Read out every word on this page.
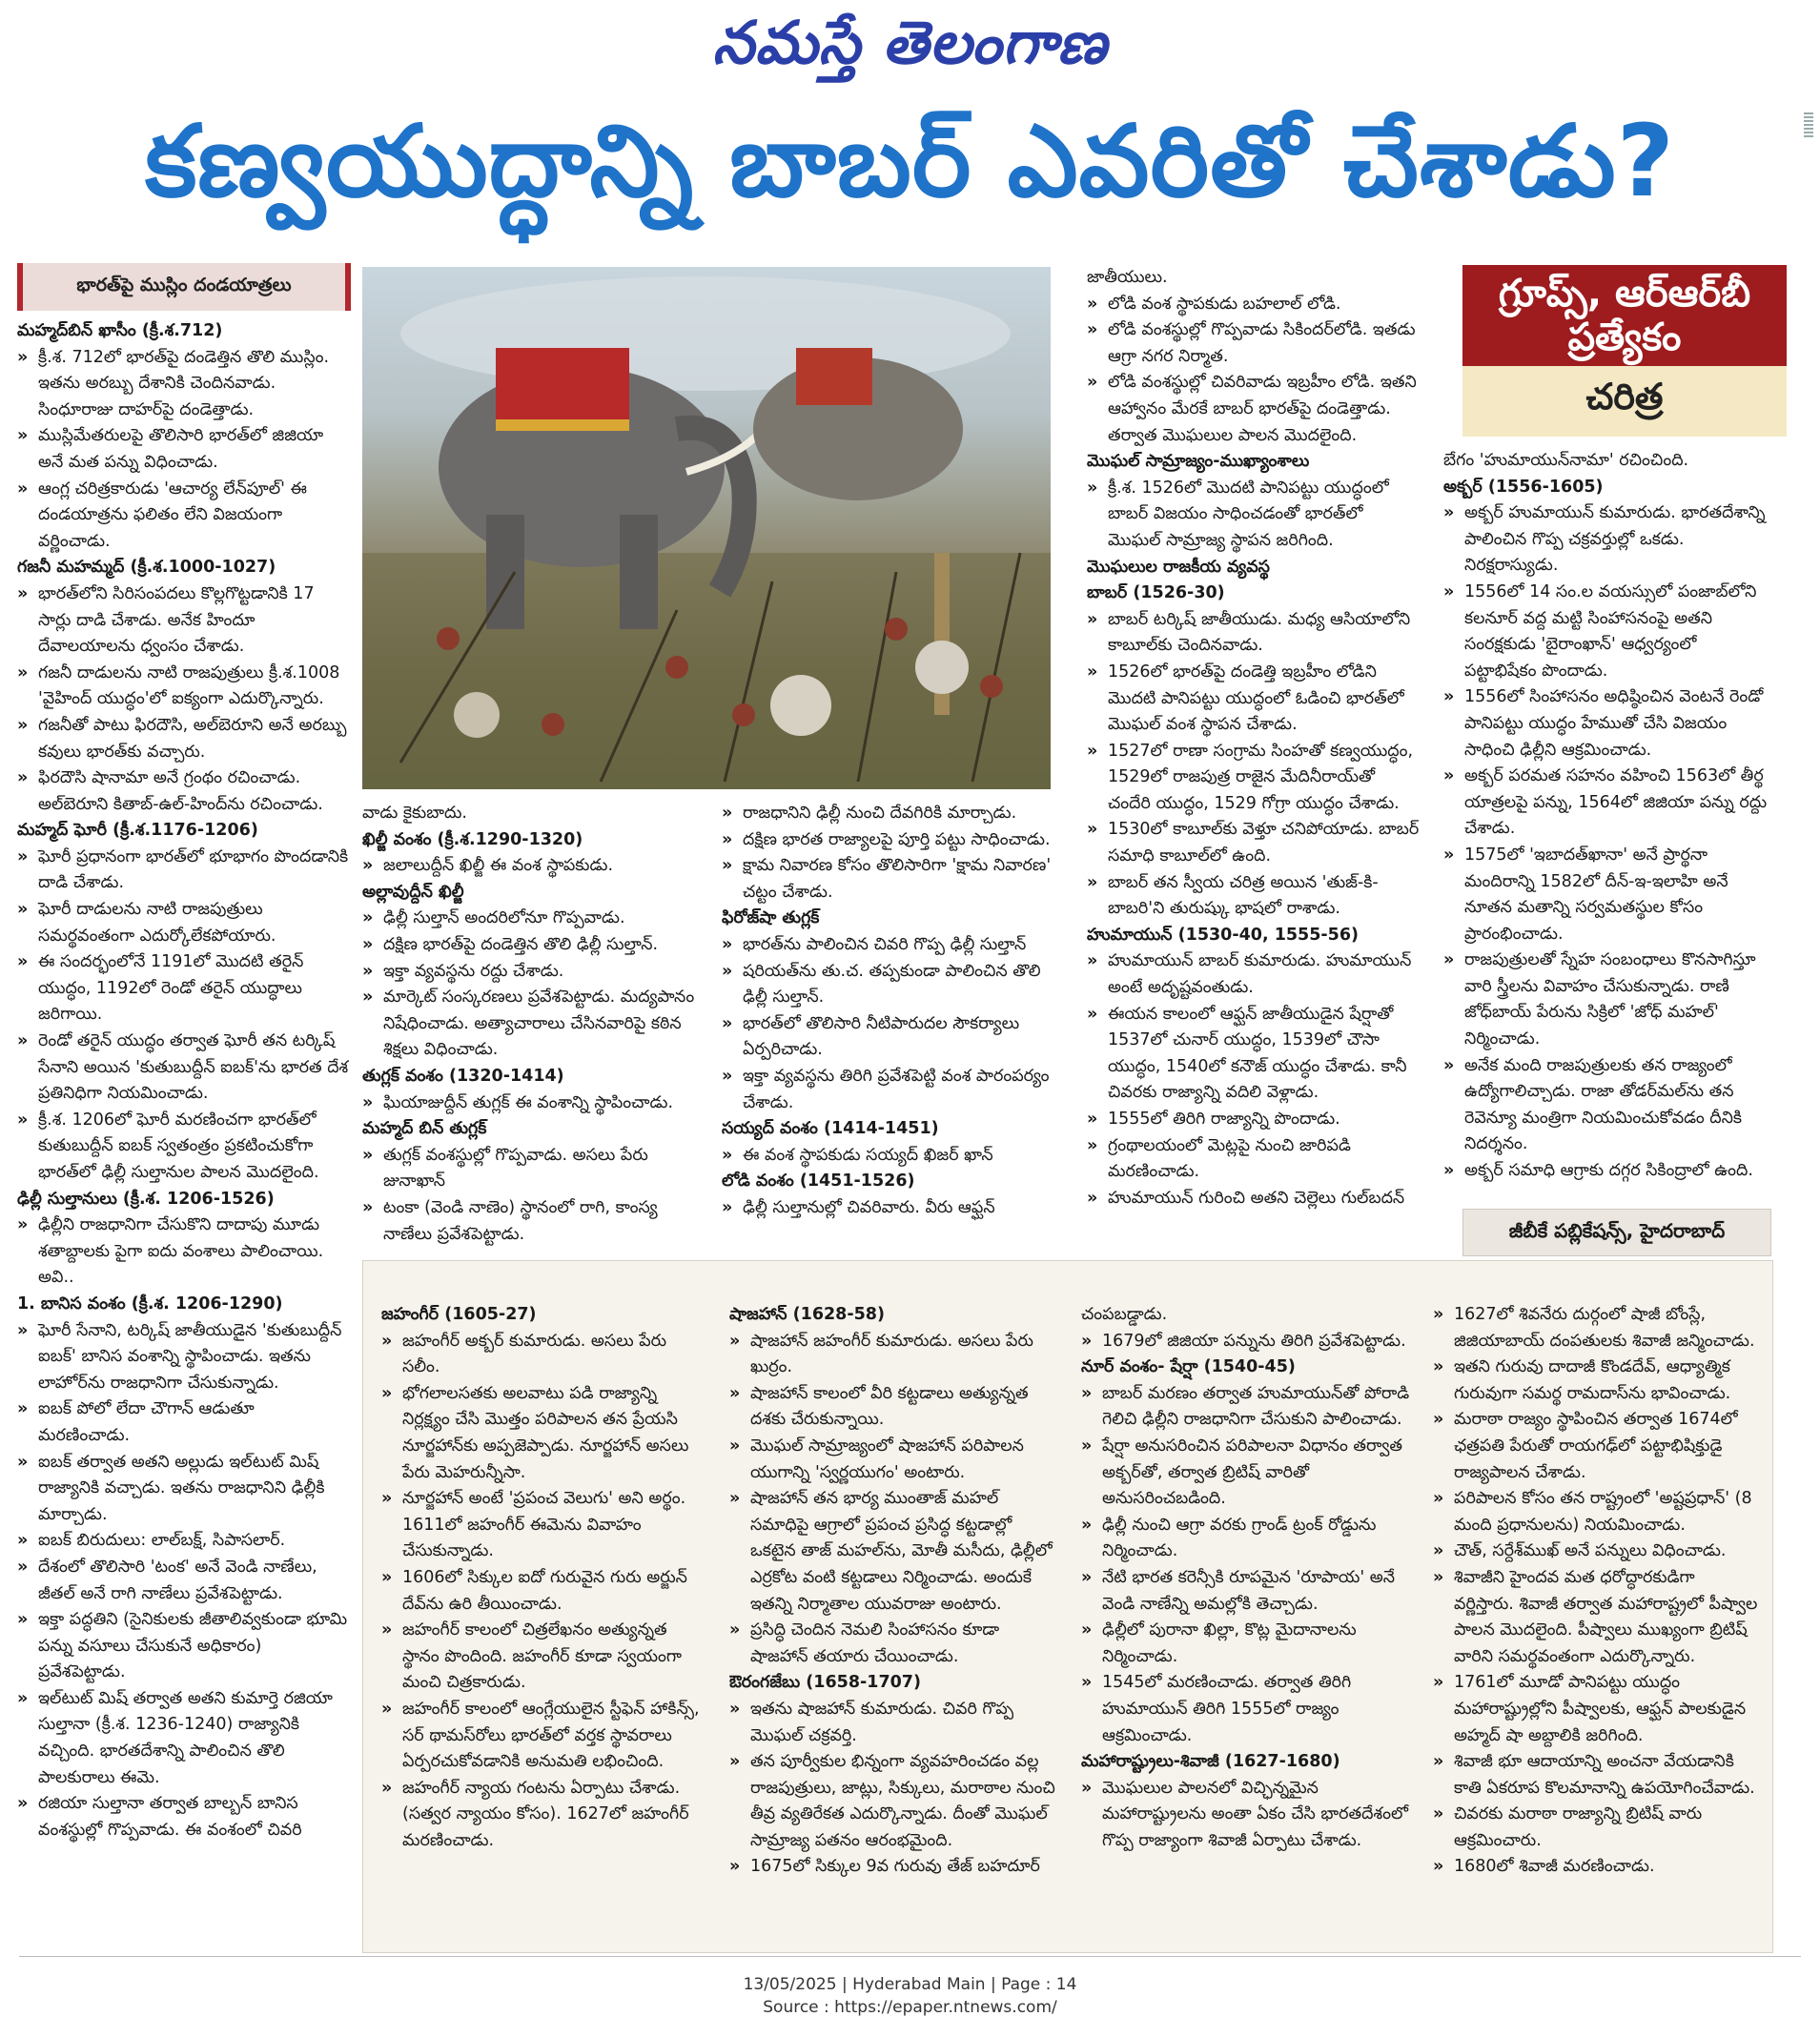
నమస్తే తెలంగాణ
కణ్వయుద్ధాన్ని బాబర్ ఎవరితో చేశాడు?
భారత్‌పై ముస్లిం దండయాత్రలు

మహ్మద్‌బిన్ ఖాసీం (క్రీ.శ.712)

» క్రీ.శ. 712లో భారత్‌పై దండెత్తిన తొలి ముస్లిం. ఇతను అరబ్బు దేశానికి చెందినవాడు. సింధూరాజు దాహర్‌పై దండెత్తాడు.

» ముస్లిమేతరులపై తొలిసారి భారత్‌లో జిజియా అనే మత పన్ను విధించాడు.

» ఆంగ్ల చరిత్రకారుడు 'ఆచార్య లేన్‌పూల్' ఈ దండయాత్రను ఫలితం లేని విజయంగా వర్ణించాడు.

గజనీ మహమ్మద్ (క్రీ.శ.1000-1027)

» భారత్‌లోని సిరిసంపదలు కొల్లగొట్టడానికి 17 సార్లు దాడి చేశాడు. అనేక హిందూ దేవాలయాలను ధ్వంసం చేశాడు.

» గజనీ దాడులను నాటి రాజపుత్రులు క్రీ.శ.1008 'వైహింద్ యుద్ధం'లో ఐక్యంగా ఎదుర్కొన్నారు.

» గజనీతో పాటు ఫిరదౌసి, అల్‌బెరూని అనే అరబ్బు కవులు భారత్‌కు వచ్చారు.

» ఫిరదౌసి షానామా అనే గ్రంథం రచించాడు. అల్‌బెరూని కితాబ్-ఉల్-హింద్‌ను రచించాడు.

మహ్మద్ ఘోరీ (క్రీ.శ.1176-1206)

» ఘోరీ ప్రధానంగా భారత్‌లో భూభాగం పొందడానికి దాడి చేశాడు.

» ఘోరీ దాడులను నాటి రాజపుత్రులు సమర్థవంతంగా ఎదుర్కోలేకపోయారు.

» ఈ సందర్భంలోనే 1191లో మొదటి తరైన్ యుద్ధం, 1192లో రెండో తరైన్ యుద్ధాలు జరిగాయి.

» రెండో తరైన్ యుద్ధం తర్వాత ఘోరీ తన టర్కిష్ సేనాని అయిన 'కుతుబుద్దీన్ ఐబక్'ను భారత దేశ ప్రతినిధిగా నియమించాడు.

» క్రీ.శ. 1206లో ఘోరీ మరణించగా భారత్‌లో కుతుబుద్దీన్ ఐబక్ స్వతంత్రం ప్రకటించుకోగా భారత్‌లో ఢిల్లీ సుల్తానుల పాలన మొదలైంది.

ఢిల్లీ సుల్తానులు (క్రీ.శ. 1206-1526)

» ఢిల్లీని రాజధానిగా చేసుకొని దాదాపు మూడు శతాబ్దాలకు పైగా ఐదు వంశాలు పాలించాయి. అవి..

1. బానిస వంశం (క్రీ.శ. 1206-1290)

» ఘోరీ సేనాని, టర్కిష్ జాతీయుడైన 'కుతుబుద్దీన్ ఐబక్' బానిస వంశాన్ని స్థాపించాడు. ఇతను లాహోర్‌ను రాజధానిగా చేసుకున్నాడు.

» ఐబక్ పోలో లేదా చౌగాన్ ఆడుతూ మరణించాడు.

» ఐబక్ తర్వాత అతని అల్లుడు ఇల్‌టుట్ మిష్ రాజ్యానికి వచ్చాడు. ఇతను రాజధానిని ఢిల్లీకి మార్చాడు.

» ఐబక్ బిరుదులు: లాల్‌బక్ష్, సిపాసలార్.

» దేశంలో తొలిసారి 'టంక' అనే వెండి నాణేలు, జీతల్ అనే రాగి నాణేలు ప్రవేశపెట్టాడు.

» ఇక్తా పద్ధతిని (సైనికులకు జీతాలివ్వకుండా భూమి పన్ను వసూలు చేసుకునే అధికారం) ప్రవేశపెట్టాడు.

» ఇల్‌టుట్ మిష్ తర్వాత అతని కుమార్తె రజియా సుల్తానా (క్రీ.శ. 1236-1240) రాజ్యానికి వచ్చింది. భారతదేశాన్ని పాలించిన తొలి పాలకురాలు ఈమె.

» రజియా సుల్తానా తర్వాత బాల్బన్ బానిస వంశస్థుల్లో గొప్పవాడు. ఈ వంశంలో చివరి

వాడు కైకుబాదు.

ఖిల్జీ వంశం (క్రీ.శ.1290-1320)

» జలాలుద్దీన్ ఖిల్జీ ఈ వంశ స్థాపకుడు.

అల్లావుద్దీన్ ఖిల్జీ

» ఢిల్లీ సుల్తాన్‌ అందరిలోనూ గొప్పవాడు.

» దక్షిణ భారత్‌పై దండెత్తిన తొలి ఢిల్లీ సుల్తాన్.

» ఇక్తా వ్యవస్థను రద్దు చేశాడు.

» మార్కెట్ సంస్కరణలు ప్రవేశపెట్టాడు. మద్యపానం నిషేధించాడు. అత్యాచారాలు చేసినవారిపై కఠిన శిక్షలు విధించాడు.

తుగ్లక్ వంశం (1320-1414)

» ఘియాజుద్దీన్ తుగ్లక్ ఈ వంశాన్ని స్థాపించాడు.

మహ్మద్ బిన్ తుగ్లక్

» తుగ్లక్ వంశస్థుల్లో గొప్పవాడు. అసలు పేరు జునాఖాన్

» టంకా (వెండి నాణెం) స్థానంలో రాగి, కాంస్య నాణేలు ప్రవేశపెట్టాడు.

» రాజధానిని ఢిల్లీ నుంచి దేవగిరికి మార్చాడు.

» దక్షిణ భారత రాజ్యాలపై పూర్తి పట్టు సాధించాడు.

» క్షామ నివారణ కోసం తొలిసారిగా 'క్షామ నివారణ' చట్టం చేశాడు.

ఫిరోజ్‌షా తుగ్లక్

» భారత్‌ను పాలించిన చివరి గొప్ప ఢిల్లీ సుల్తాన్

» షరియత్‌ను తు.చ. తప్పకుండా పాలించిన తొలి ఢిల్లీ సుల్తాన్.

» భారత్‌లో తొలిసారి నీటిపారుదల సౌకర్యాలు ఏర్పరిచాడు.

» ఇక్తా వ్యవస్థను తిరిగి ప్రవేశపెట్టి వంశ పారంపర్యం చేశాడు.

సయ్యద్ వంశం (1414-1451)

» ఈ వంశ స్థాపకుడు సయ్యద్ ఖిజర్ ఖాన్

లోడి వంశం (1451-1526)

» ఢిల్లీ సుల్తానుల్లో చివరివారు. వీరు ఆఫ్ఘన్

జాతీయులు.

» లోడి వంశ స్థాపకుడు బహలాల్ లోడి.

» లోడి వంశస్థుల్లో గొప్పవాడు సికిందర్‌లోడి. ఇతడు ఆగ్రా నగర నిర్మాత.

» లోడి వంశస్థుల్లో చివరివాడు ఇబ్రహీం లోడి. ఇతని ఆహ్వానం మేరకే బాబర్ భారత్‌పై దండెత్తాడు. తర్వాత మొఘలుల పాలన మొదలైంది.

మొఘల్ సామ్రాజ్యం-ముఖ్యాంశాలు

» క్రీ.శ. 1526లో మొదటి పానిపట్టు యుద్ధంలో బాబర్ విజయం సాధించడంతో భారత్‌లో మొఘల్ సామ్రాజ్య స్థాపన జరిగింది.

మొఘలుల రాజకీయ వ్యవస్థ

బాబర్ (1526-30)

» బాబర్ టర్కిష్ జాతీయుడు. మధ్య ఆసియాలోని కాబూల్‌కు చెందినవాడు.

» 1526లో భారత్‌పై దండెత్తి ఇబ్రహీం లోడిని మొదటి పానిపట్టు యుద్ధంలో ఓడించి భారత్‌లో మొఘల్ వంశ స్థాపన చేశాడు.

» 1527లో రాణా సంగ్రామ సింహతో కణ్వయుద్ధం, 1529లో రాజపుత్ర రాజైన మేదినీరాయ్‌తో చందేరి యుద్ధం, 1529 గోగ్రా యుద్ధం చేశాడు.

» 1530లో కాబూల్‌కు వెళ్తూ చనిపోయాడు. బాబర్ సమాధి కాబూల్‌లో ఉంది.

» బాబర్ తన స్వీయ చరిత్ర అయిన 'తుజ్-కి-బాబరి'ని తురుష్కు భాషలో రాశాడు.

హుమాయున్ (1530-40, 1555-56)

» హుమాయున్ బాబర్ కుమారుడు. హుమాయున్ అంటే అదృష్టవంతుడు.

» ఈయన కాలంలో ఆఫ్ఘన్ జాతీయుడైన షేర్షాతో 1537లో చునార్ యుద్ధం, 1539లో చౌసా యుద్ధం, 1540లో కనౌజ్ యుద్ధం చేశాడు. కానీ చివరకు రాజ్యాన్ని వదిలి వెళ్లాడు.

» 1555లో తిరిగి రాజ్యాన్ని పొందాడు.

» గ్రంథాలయంలో మెట్లపై నుంచి జారిపడి మరణించాడు.

» హుమాయున్ గురించి అతని చెల్లెలు గుల్‌బదన్

గ్రూప్స్, ఆర్‌ఆర్‌బీ ప్రత్యేకం
చరిత్ర

బేగం 'హుమాయున్‌నామా' రచించింది.

అక్బర్ (1556-1605)

» అక్బర్ హుమాయున్ కుమారుడు. భారతదేశాన్ని పాలించిన గొప్ప చక్రవర్తుల్లో ఒకడు. నిరక్షరాస్యుడు.

» 1556లో 14 సం.ల వయస్సులో పంజాబ్‌లోని కలనూర్ వద్ద మట్టి సింహాసనంపై అతని సంరక్షకుడు 'బైరాంఖాన్' ఆధ్వర్యంలో పట్టాభిషేకం పొందాడు.

» 1556లో సింహాసనం అధిష్ఠించిన వెంటనే రెండో పానిపట్టు యుద్ధం హేముతో చేసి విజయం సాధించి ఢిల్లీని ఆక్రమించాడు.

» అక్బర్ పరమత సహనం వహించి 1563లో తీర్థ యాత్రలపై పన్ను, 1564లో జిజియా పన్ను రద్దు చేశాడు.

» 1575లో 'ఇబాదత్‌ఖానా' అనే ప్రార్థనా మందిరాన్ని 1582లో దీన్-ఇ-ఇలాహి అనే నూతన మతాన్ని సర్వమతస్థుల కోసం ప్రారంభించాడు.

» రాజపుత్రులతో స్నేహ సంబంధాలు కొనసాగిస్తూ వారి స్త్రీలను వివాహం చేసుకున్నాడు. రాణి జోధ్‌బాయ్ పేరును సిక్రిలో 'జోధ్ మహల్' నిర్మించాడు.

» అనేక మంది రాజపుత్రులకు తన రాజ్యంలో ఉద్యోగాలిచ్చాడు. రాజా తోడర్‌మల్‌ను తన రెవెన్యూ మంత్రిగా నియమించుకోవడం దీనికి నిదర్శనం.

» అక్బర్ సమాధి ఆగ్రాకు దగ్గర సికింద్రాలో ఉంది.

జీబీకే పబ్లికేషన్స్, హైదరాబాద్

జహంగీర్ (1605-27)

» జహంగీర్ అక్బర్ కుమారుడు. అసలు పేరు సలీం.

» భోగలాలసతకు అలవాటు పడి రాజ్యాన్ని నిర్లక్ష్యం చేసి మొత్తం పరిపాలన తన ప్రేయసి నూర్జహాన్‌కు అప్పజెప్పాడు. నూర్జహాన్ అసలు పేరు మెహరున్నీసా.

» నూర్జహాన్ అంటే 'ప్రపంచ వెలుగు' అని అర్థం. 1611లో జహంగీర్ ఈమెను వివాహం చేసుకున్నాడు.

» 1606లో సిక్కుల ఐదో గురువైన గురు అర్జున్ దేవ్‌ను ఉరి తీయించాడు.

» జహంగీర్ కాలంలో చిత్రలేఖనం అత్యున్నత స్థానం పొందింది. జహంగీర్ కూడా స్వయంగా మంచి చిత్రకారుడు.

» జహంగీర్ కాలంలో ఆంగ్లేయులైన స్టీఫెన్ హాకిన్స్, సర్ థామస్‌రోలు భారత్‌లో వర్తక స్థావరాలు ఏర్పరచుకోవడానికి అనుమతి లభించింది.

» జహంగీర్ న్యాయ గంటను ఏర్పాటు చేశాడు. (సత్వర న్యాయం కోసం). 1627లో జహంగీర్ మరణించాడు.

షాజహాన్ (1628-58)

» షాజహాన్ జహంగీర్ కుమారుడు. అసలు పేరు ఖుర్రం.

» షాజహాన్ కాలంలో వీరి కట్టడాలు అత్యున్నత దశకు చేరుకున్నాయి.

» మొఘల్ సామ్రాజ్యంలో షాజహాన్ పరిపాలన యుగాన్ని 'స్వర్ణయుగం' అంటారు.

» షాజహాన్ తన భార్య ముంతాజ్ మహల్ సమాధిపై ఆగ్రాలో ప్రపంచ ప్రసిద్ధ కట్టడాల్లో ఒకటైన తాజ్ మహల్‌ను, మోతీ మసీదు, ఢిల్లీలో ఎర్రకోట వంటి కట్టడాలు నిర్మించాడు. అందుకే ఇతన్ని నిర్మాతాల యువరాజు అంటారు.

» ప్రసిద్ధి చెందిన నెమలి సింహాసనం కూడా షాజహాన్ తయారు చేయించాడు.

ఔరంగజేబు (1658-1707)

» ఇతను షాజహాన్ కుమారుడు. చివరి గొప్ప మొఘల్ చక్రవర్తి.

» తన పూర్వీకుల భిన్నంగా వ్యవహరించడం వల్ల రాజపుత్రులు, జాట్లు, సిక్కులు, మరాఠాల నుంచి తీవ్ర వ్యతిరేకత ఎదుర్కొన్నాడు. దీంతో మొఘల్ సామ్రాజ్య పతనం ఆరంభమైంది.

» 1675లో సిక్కుల 9వ గురువు తేజ్ బహదూర్

చంపబడ్డాడు.

» 1679లో జిజియా పన్నును తిరిగి ప్రవేశపెట్టాడు.

నూర్ వంశం- షేర్షా (1540-45)

» బాబర్ మరణం తర్వాత హుమాయున్‌తో పోరాడి గెలిచి ఢిల్లీని రాజధానిగా చేసుకుని పాలించాడు.

» షేర్షా అనుసరించిన పరిపాలనా విధానం తర్వాత అక్బర్‌తో, తర్వాత బ్రిటిష్ వారితో అనుసరించబడింది.

» ఢిల్లీ నుంచి ఆగ్రా వరకు గ్రాండ్ ట్రంక్ రోడ్డును నిర్మించాడు.

» నేటి భారత కరెన్సీకి రూపమైన 'రూపాయ' అనే వెండి నాణేన్ని అమల్లోకి తెచ్చాడు.

» ఢిల్లీలో పురానా ఖిల్లా, కొట్ల మైదానాలను నిర్మించాడు.

» 1545లో మరణించాడు. తర్వాత తిరిగి హుమాయున్ తిరిగి 1555లో రాజ్యం ఆక్రమించాడు.

మహారాష్ట్రులు-శివాజీ (1627-1680)

» మొఘలుల పాలనలో విచ్ఛిన్నమైన మహారాష్ట్రులను అంతా ఏకం చేసి భారతదేశంలో గొప్ప రాజ్యాంగా శివాజీ ఏర్పాటు చేశాడు.

» 1627లో శివనేరు దుర్గంలో షాజీ బోంస్లే, జిజియాబాయ్ దంపతులకు శివాజీ జన్మించాడు.

» ఇతని గురువు దాదాజీ కొండదేవ్, ఆధ్యాత్మిక గురువుగా సమర్థ రామదాస్‌ను భావించాడు.

» మరాఠా రాజ్యం స్థాపించిన తర్వాత 1674లో ఛత్రపతి పేరుతో రాయగఢ్‌లో పట్టాభిషిక్తుడై రాజ్యపాలన చేశాడు.

» పరిపాలన కోసం తన రాష్ట్రంలో 'అష్టప్రధాన్' (8 మంది ప్రధానులను) నియమించాడు.

» చౌత్, సర్దేశ్‌ముఖ్ అనే పన్నులు విధించాడు.

» శివాజీని హైందవ మత ధరోద్ధారకుడిగా వర్ణిస్తారు. శివాజీ తర్వాత మహారాష్ట్రలో పీష్వాల పాలన మొదలైంది. పీష్వాలు ముఖ్యంగా బ్రిటిష్ వారిని సమర్థవంతంగా ఎదుర్కొన్నారు.

» 1761లో మూడో పానిపట్టు యుద్ధం మహారాష్ట్రుల్లోని పీష్వాలకు, ఆఫ్ఘన్ పాలకుడైన అహ్మద్ షా అబ్దాలికి జరిగింది.

» శివాజీ భూ ఆదాయాన్ని అంచనా వేయడానికి కాతి ఏకరూప కొలమానాన్ని ఉపయోగించేవాడు.

» చివరకు మరాఠా రాజ్యాన్ని బ్రిటిష్ వారు ఆక్రమించారు.

» 1680లో శివాజీ మరణించాడు.

13/05/2025 | Hyderabad Main | Page : 14
Source : https://epaper.ntnews.com/
